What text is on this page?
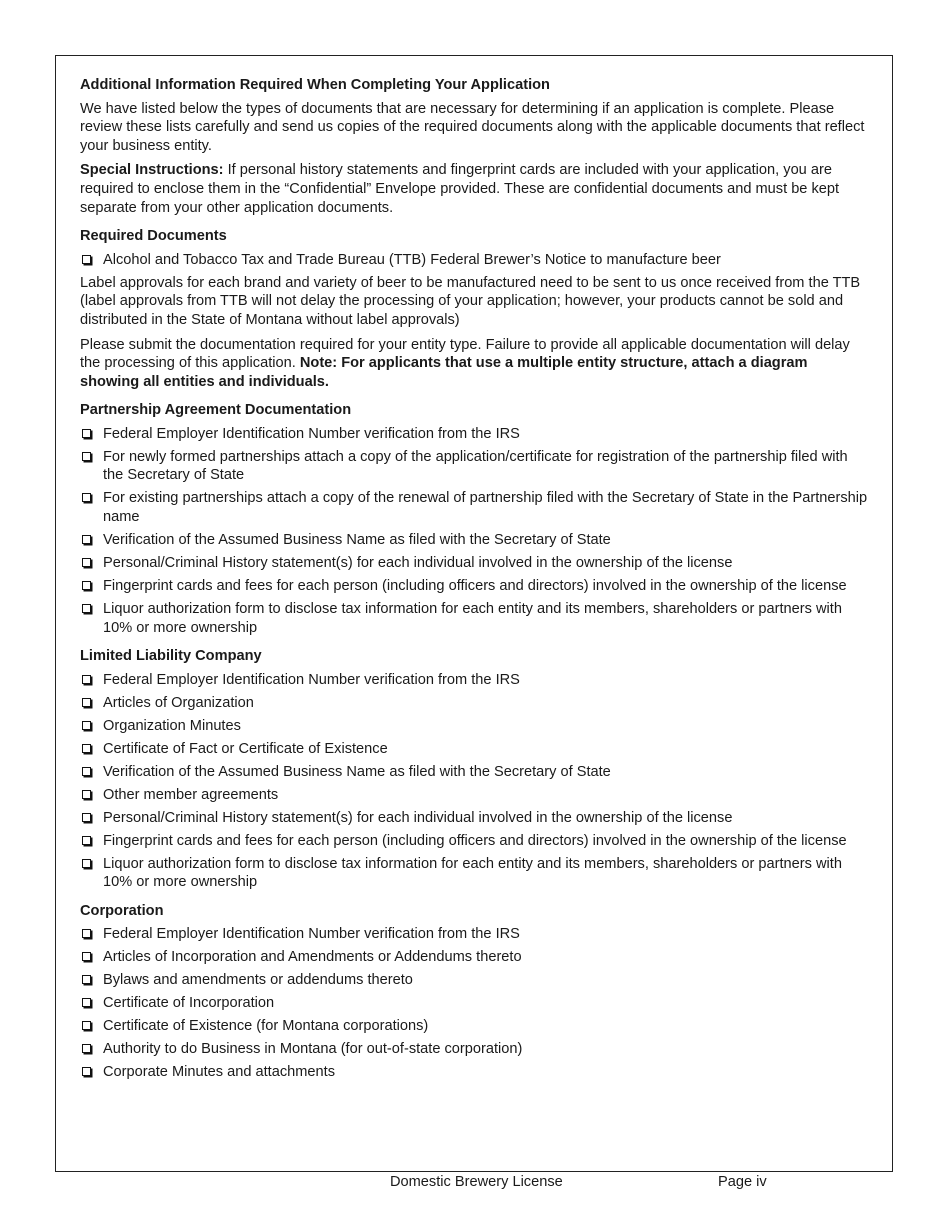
Additional Information Required When Completing Your Application
We have listed below the types of documents that are necessary for determining if an application is complete. Please review these lists carefully and send us copies of the required documents along with the applicable documents that reflect your business entity.
Special Instructions: If personal history statements and fingerprint cards are included with your application, you are required to enclose them in the “Confidential” Envelope provided. These are confidential documents and must be kept separate from your other application documents.
Required Documents
Alcohol and Tobacco Tax and Trade Bureau (TTB) Federal Brewer’s Notice to manufacture beer
Label approvals for each brand and variety of beer to be manufactured need to be sent to us once received from the TTB (label approvals from TTB will not delay the processing of your application; however, your products cannot be sold and distributed in the State of Montana without label approvals)
Please submit the documentation required for your entity type. Failure to provide all applicable documentation will delay the processing of this application. Note: For applicants that use a multiple entity structure, attach a diagram showing all entities and individuals.
Partnership Agreement Documentation
Federal Employer Identification Number verification from the IRS
For newly formed partnerships attach a copy of the application/certificate for registration of the partnership filed with the Secretary of State
For existing partnerships attach a copy of the renewal of partnership filed with the Secretary of State in the Partnership name
Verification of the Assumed Business Name as filed with the Secretary of State
Personal/Criminal History statement(s) for each individual involved in the ownership of the license
Fingerprint cards and fees for each person (including officers and directors) involved in the ownership of the license
Liquor authorization form to disclose tax information for each entity and its members, shareholders or partners with 10% or more ownership
Limited Liability Company
Federal Employer Identification Number verification from the IRS
Articles of Organization
Organization Minutes
Certificate of Fact or Certificate of Existence
Verification of the Assumed Business Name as filed with the Secretary of State
Other member agreements
Personal/Criminal History statement(s) for each individual involved in the ownership of the license
Fingerprint cards and fees for each person (including officers and directors) involved in the ownership of the license
Liquor authorization form to disclose tax information for each entity and its members, shareholders or partners with 10% or more ownership
Corporation
Federal Employer Identification Number verification from the IRS
Articles of Incorporation and Amendments or Addendums thereto
Bylaws and amendments or addendums thereto
Certificate of Incorporation
Certificate of Existence (for Montana corporations)
Authority to do Business in Montana (for out-of-state corporation)
Corporate Minutes and attachments
Domestic Brewery License	Page iv
